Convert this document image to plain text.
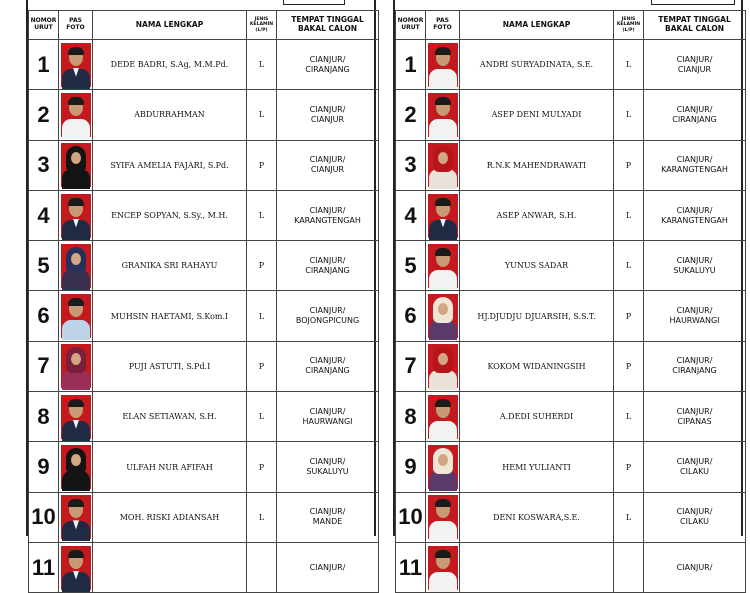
NOMOR
URUT	PAS
FOTO	NAMA LENGKAP	JENIS
KELAMIN
(L/P)	TEMPAT TINGGAL
BAKAL CALON

1		DEDE BADRI, S.Ag, M.M.Pd.	L	CIANJUR/
CIRANJANG

2		ABDURRAHMAN	L	CIANJUR/
CIANJUR

3		SYIFA AMELIA FAJARI, S.Pd.	P	CIANJUR/
CIANJUR

4		ENCEP SOPYAN, S.Sy., M.H.	L	CIANJUR/
KARANGTENGAH

5		GRANIKA SRI RAHAYU	P	CIANJUR/
CIRANJANG

6		MUHSIN HAETAMI, S.Kom.I	L	CIANJUR/
BOJONGPICUNG

7		PUJI ASTUTI, S.Pd.I	P	CIANJUR/
CIRANJANG

8		ELAN SETIAWAN, S.H.	L	CIANJUR/
HAURWANGI

9		ULFAH NUR AFIFAH	P	CIANJUR/
SUKALUYU

10		MOH. RISKI ADIANSAH	L	CIANJUR/
MANDE

11				CIANJUR/
NOMOR
URUT	PAS
FOTO	NAMA LENGKAP	JENIS
KELAMIN
(L/P)	TEMPAT TINGGAL
BAKAL CALON

1		ANDRI SURYADINATA, S.E.	L	CIANJUR/
CIANJUR

2		ASEP DENI MULYADI	L	CIANJUR/
CIRANJANG

3		R.N.K MAHENDRAWATI	P	CIANJUR/
KARANGTENGAH

4		ASEP ANWAR, S.H.	L	CIANJUR/
KARANGTENGAH

5		YUNUS SADAR	L	CIANJUR/
SUKALUYU

6		HJ.DJUDJU DJUARSIH, S.S.T.	P	CIANJUR/
HAURWANGI

7		KOKOM WIDANINGSIH	P	CIANJUR/
CIRANJANG

8		A.DEDI SUHERDI	L	CIANJUR/
CIPANAS

9		HEMI YULIANTI	P	CIANJUR/
CILAKU

10		DENI KOSWARA,S.E.	L	CIANJUR/
CILAKU

11				CIANJUR/
